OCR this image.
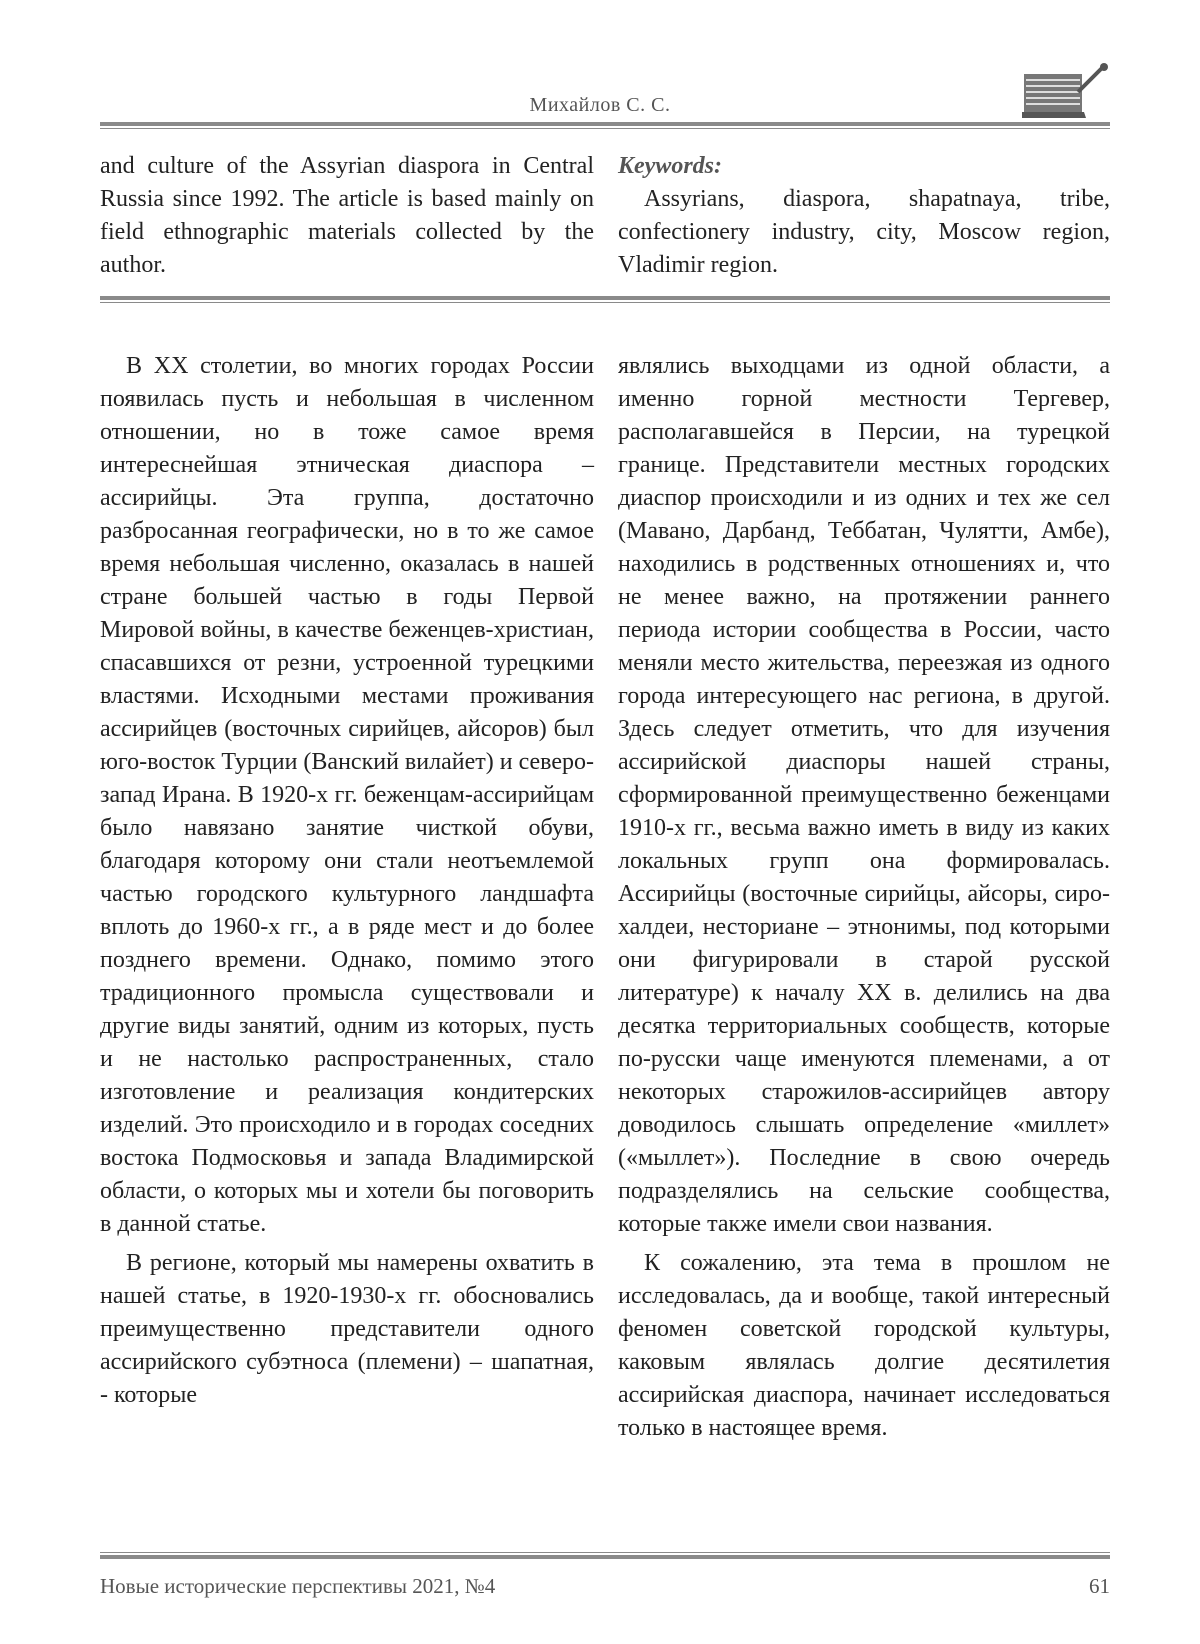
Михайлов С. С.

and culture of the Assyrian diaspora in Central Russia since 1992. The article is based mainly on field ethnographic materials collected by the author.

Keywords:

Assyrians, diaspora, shapatnaya, tribe, confectionery industry, city, Moscow region, Vladimir region.

В XX столетии, во многих городах России появилась пусть и небольшая в численном отношении, но в тоже самое время интереснейшая этническая диаспора – ассирийцы. Эта группа, достаточно разбросанная географически, но в то же самое время небольшая численно, оказалась в нашей стране большей частью в годы Первой Мировой войны, в качестве беженцев-христиан, спасавшихся от резни, устроенной турецкими властями. Исходными местами проживания ассирийцев (восточных сирийцев, айсоров) был юго-восток Турции (Ванский вилайет) и северо-запад Ирана. В 1920-х гг. беженцам-ассирийцам было навязано занятие чисткой обуви, благодаря которому они стали неотъемлемой частью городского культурного ландшафта вплоть до 1960-х гг., а в ряде мест и до более позднего времени. Однако, помимо этого традиционного промысла существовали и другие виды занятий, одним из которых, пусть и не настолько распространенных, стало изготовление и реализация кондитерских изделий. Это происходило и в городах соседних востока Подмосковья и запада Владимирской области, о которых мы и хотели бы поговорить в данной статье.

В регионе, который мы намерены охватить в нашей статье, в 1920-1930-х гг. обосновались преимущественно представители одного ассирийского субэтноса (племени) – шапатная, - которые

являлись выходцами из одной области, а именно горной местности Тергевер, располагавшейся в Персии, на турецкой границе. Представители местных городских диаспор происходили и из одних и тех же сел (Мавано, Дарбанд, Теббатан, Чулятти, Амбе), находились в родственных отношениях и, что не менее важно, на протяжении раннего периода истории сообщества в России, часто меняли место жительства, переезжая из одного города интересующего нас региона, в другой. Здесь следует отметить, что для изучения ассирийской диаспоры нашей страны, сформированной преимущественно беженцами 1910-х гг., весьма важно иметь в виду из каких локальных групп она формировалась. Ассирийцы (восточные сирийцы, айсоры, сиро-халдеи, несториане – этнонимы, под которыми они фигурировали в старой русской литературе) к началу XX в. делились на два десятка территориальных сообществ, которые по-русски чаще именуются племенами, а от некоторых старожилов-ассирийцев автору доводилось слышать определение «миллет» («мыллет»). Последние в свою очередь подразделялись на сельские сообщества, которые также имели свои названия.

К сожалению, эта тема в прошлом не исследовалась, да и вообще, такой интересный феномен советской городской культуры, каковым являлась долгие десятилетия ассирийская диаспора, начинает исследоваться только в настоящее время.

Новые исторические перспективы 2021, №4	61
